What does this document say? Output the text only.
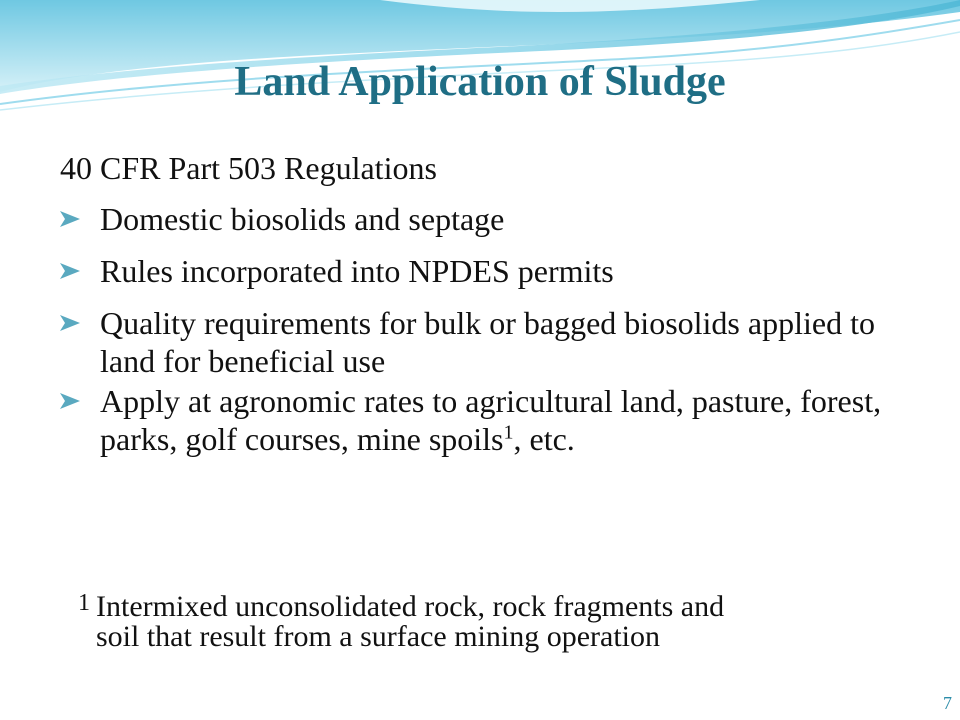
Land Application of Sludge
40 CFR Part 503 Regulations
Domestic biosolids and septage
Rules incorporated into NPDES permits
Quality requirements for bulk or bagged biosolids applied to land for beneficial use
Apply at agronomic rates to agricultural land, pasture, forest, parks, golf courses, mine spoils$^1$, etc.
$^1$ Intermixed unconsolidated rock, rock fragments and
soil that result from a surface mining operation
7
